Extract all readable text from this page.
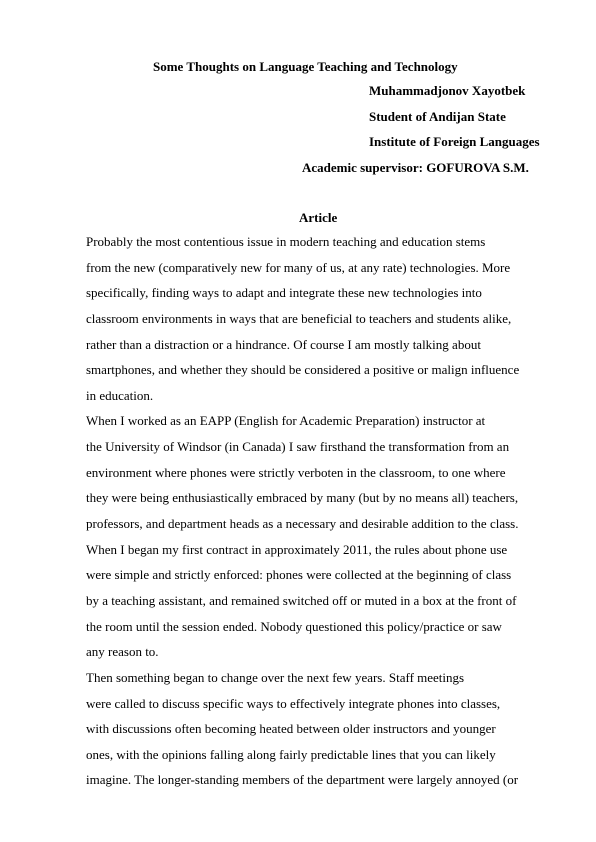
Some Thoughts on Language Teaching and Technology
Muhammadjonov Xayotbek
Student of Andijan State
Institute of Foreign Languages
Academic supervisor: GOFUROVA S.M.
Article
Probably the most contentious issue in modern teaching and education stems
from the new (comparatively new for many of us, at any rate) technologies. More
specifically, finding ways to adapt and integrate these new technologies into
classroom environments in ways that are beneficial to teachers and students alike,
rather than a distraction or a hindrance. Of course I am mostly talking about
smartphones, and whether they should be considered a positive or malign influence
in education.
When I worked as an EAPP (English for Academic Preparation) instructor at
the University of Windsor (in Canada) I saw firsthand the transformation from an
environment where phones were strictly verboten in the classroom, to one where
they were being enthusiastically embraced by many (but by no means all) teachers,
professors, and department heads as a necessary and desirable addition to the class.
When I began my first contract in approximately 2011, the rules about phone use
were simple and strictly enforced: phones were collected at the beginning of class
by a teaching assistant, and remained switched off or muted in a box at the front of
the room until the session ended. Nobody questioned this policy/practice or saw
any reason to.
Then something began to change over the next few years. Staff meetings
were called to discuss specific ways to effectively integrate phones into classes,
with discussions often becoming heated between older instructors and younger
ones, with the opinions falling along fairly predictable lines that you can likely
imagine. The longer-standing members of the department were largely annoyed (or
